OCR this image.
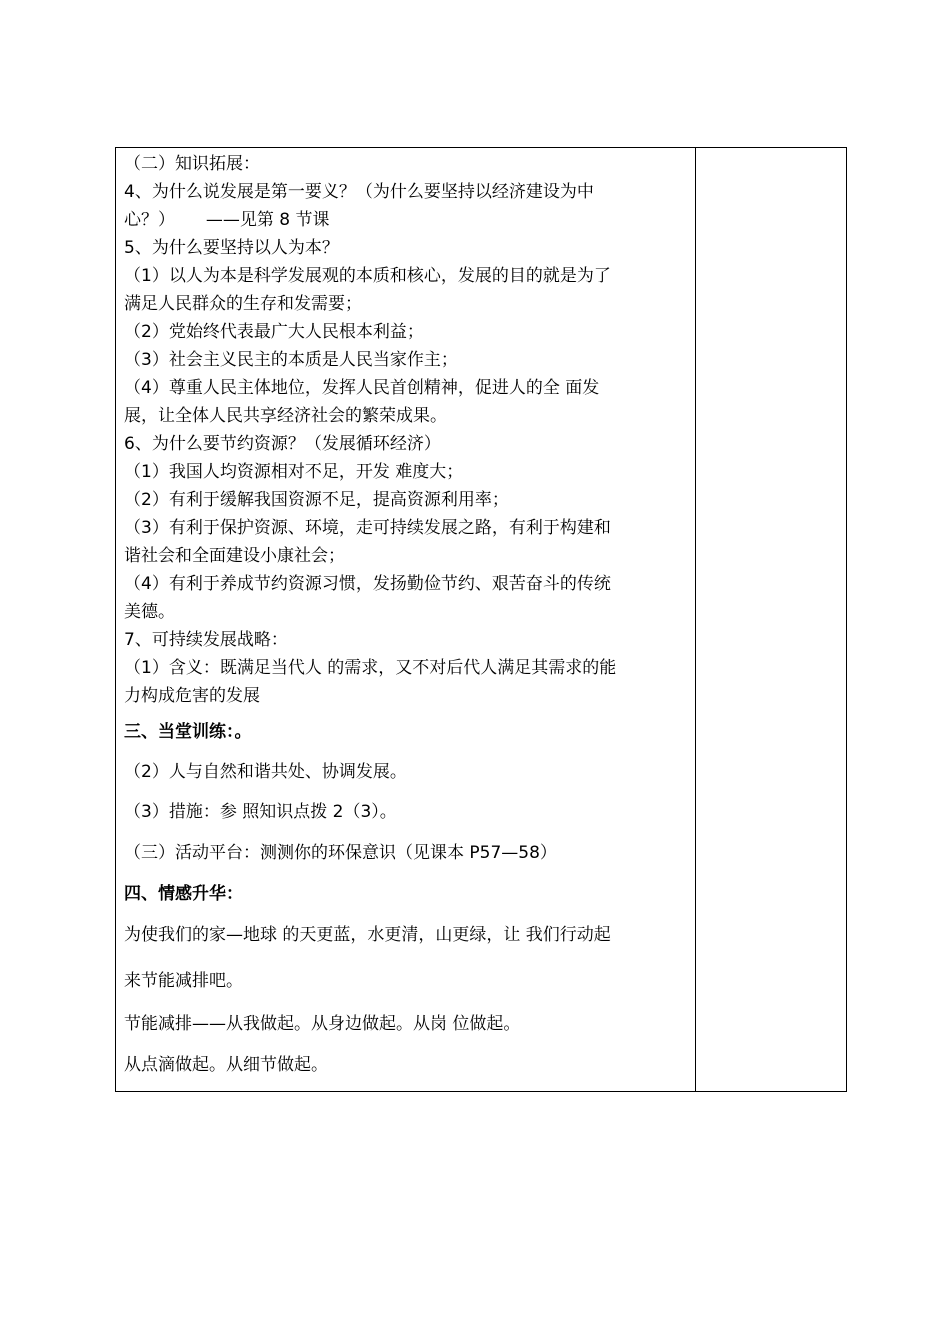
（二）知识拓展：
4、为什么说发展是第一要义？（为什么要坚持以经济建设为中
心？）　　 ——见第 8 节课
5、为什么要坚持以人为本？
（1）以人为本是科学发展观的本质和核心，发展的目的就是为了
满足人民群众的生存和发需要；
（2）党始终代表最广大人民根本利益；
（3）社会主义民主的本质是人民当家作主；
（4）尊重人民主体地位，发挥人民首创精神，促进人的全 面发
展，让全体人民共享经济社会的繁荣成果。
6、为什么要节约资源？（发展循环经济）
（1）我国人均资源相对不足，开发 难度大；
（2）有利于缓解我国资源不足，提高资源利用率；
（3）有利于保护资源、环境，走可持续发展之路，有利于构建和
谐社会和全面建设小康社会；
（4）有利于养成节约资源习惯，发扬勤俭节约、艰苦奋斗的传统
美德。
7、可持续发展战略：
（1）含义：既满足当代人 的需求，又不对后代人满足其需求的能
力构成危害的发展
三、当堂训练：。
（2）人与自然和谐共处、协调发展。
（3）措施：参 照知识点拨 2（3）。
（三）活动平台：测测你的环保意识（见课本 P57—58）
四、情感升华：
为使我们的家—地球 的天更蓝，水更清，山更绿，让 我们行动起
来节能减排吧。
节能减排——从我做起。从身边做起。从岗 位做起。
从点滴做起。从细节做起。
